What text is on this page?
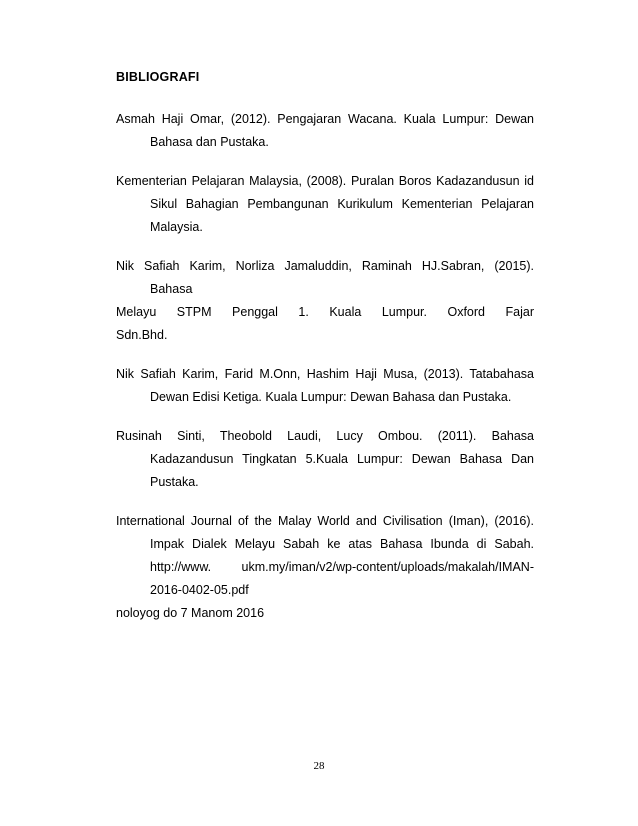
BIBLIOGRAFI

Asmah Haji Omar, (2012). Pengajaran Wacana. Kuala Lumpur: Dewan Bahasa dan Pustaka.

Kementerian Pelajaran Malaysia, (2008). Puralan Boros Kadazandusun id Sikul Bahagian Pembangunan Kurikulum Kementerian Pelajaran Malaysia.

Nik Safiah Karim, Norliza Jamaluddin, Raminah HJ.Sabran, (2015). Bahasa
Melayu STPM Penggal 1. Kuala Lumpur. Oxford Fajar
Sdn.Bhd.

Nik Safiah Karim, Farid M.Onn, Hashim Haji Musa, (2013). Tatabahasa Dewan Edisi Ketiga. Kuala Lumpur: Dewan Bahasa dan Pustaka.

Rusinah Sinti, Theobold Laudi, Lucy Ombou. (2011). Bahasa Kadazandusun Tingkatan 5.Kuala Lumpur: Dewan Bahasa Dan Pustaka.

International Journal of the Malay World and Civilisation (Iman), (2016). Impak Dialek Melayu Sabah ke atas Bahasa Ibunda di Sabah. http://www. ukm.my/iman/v2/wp-content/uploads/makalah/IMAN-2016-0402-05.pdf
noloyog do 7 Manom 2016

28
